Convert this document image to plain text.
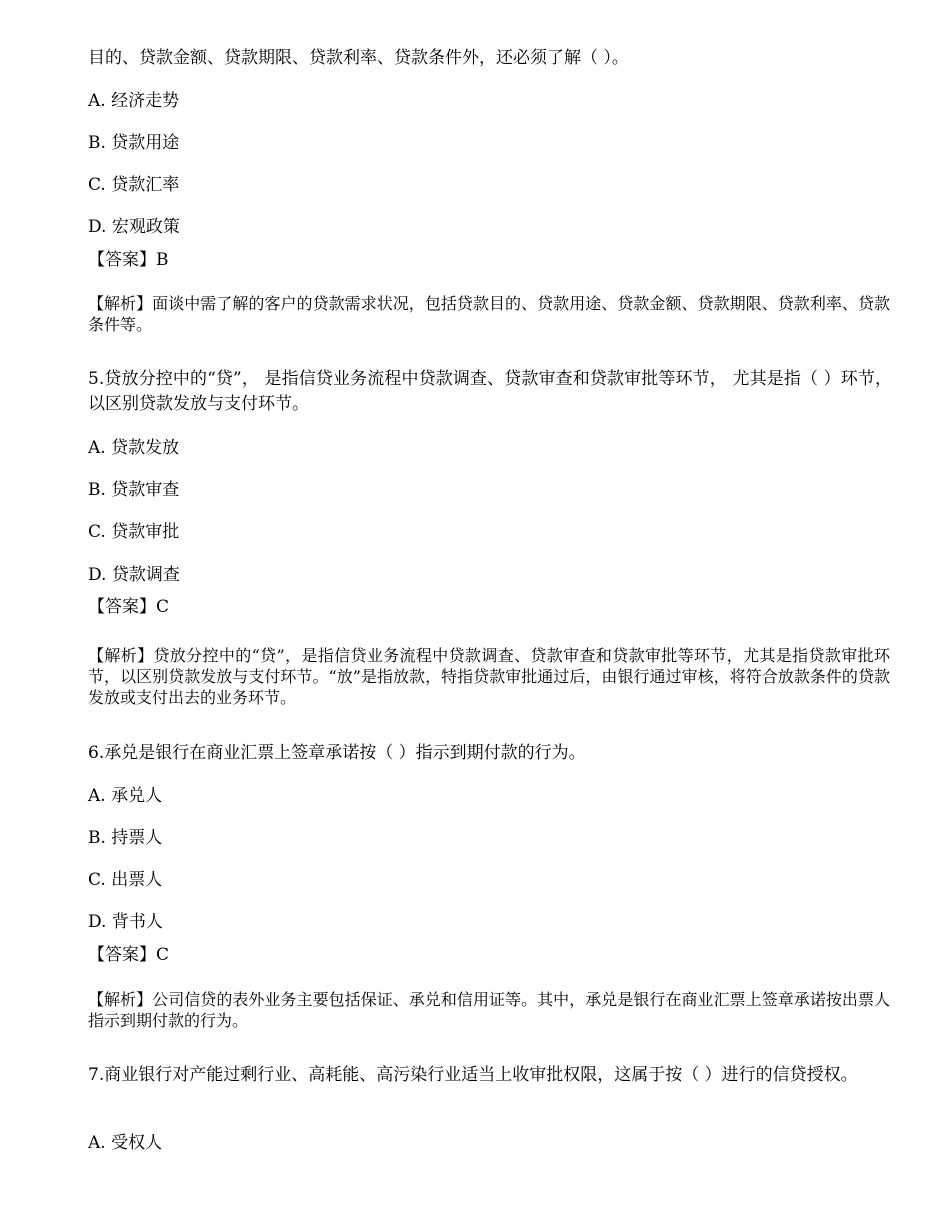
目的、贷款金额、贷款期限、贷款利率、贷款条件外，还必须了解（ ）。
A. 经济走势
B. 贷款用途
C. 贷款汇率
D. 宏观政策
【答案】B
【解析】面谈中需了解的客户的贷款需求状况，包括贷款目的、贷款用途、贷款金额、贷款期限、贷款利率、贷款条件等。
5.贷放分控中的“贷”， 是指信贷业务流程中贷款调查、贷款审查和贷款审批等环节， 尤其是指（ ）环节，以区别贷款发放与支付环节。
A. 贷款发放
B. 贷款审查
C. 贷款审批
D. 贷款调查
【答案】C
【解析】贷放分控中的“贷”，是指信贷业务流程中贷款调查、贷款审查和贷款审批等环节，尤其是指贷款审批环节，以区别贷款发放与支付环节。“放”是指放款，特指贷款审批通过后，由银行通过审核，将符合放款条件的贷款发放或支付出去的业务环节。
6.承兑是银行在商业汇票上签章承诺按（ ）指示到期付款的行为。
A. 承兑人
B. 持票人
C. 出票人
D. 背书人
【答案】C
【解析】公司信贷的表外业务主要包括保证、承兑和信用证等。其中，承兑是银行在商业汇票上签章承诺按出票人指示到期付款的行为。
7.商业银行对产能过剩行业、高耗能、高污染行业适当上收审批权限，这属于按（ ）进行的信贷授权。
A. 受权人
